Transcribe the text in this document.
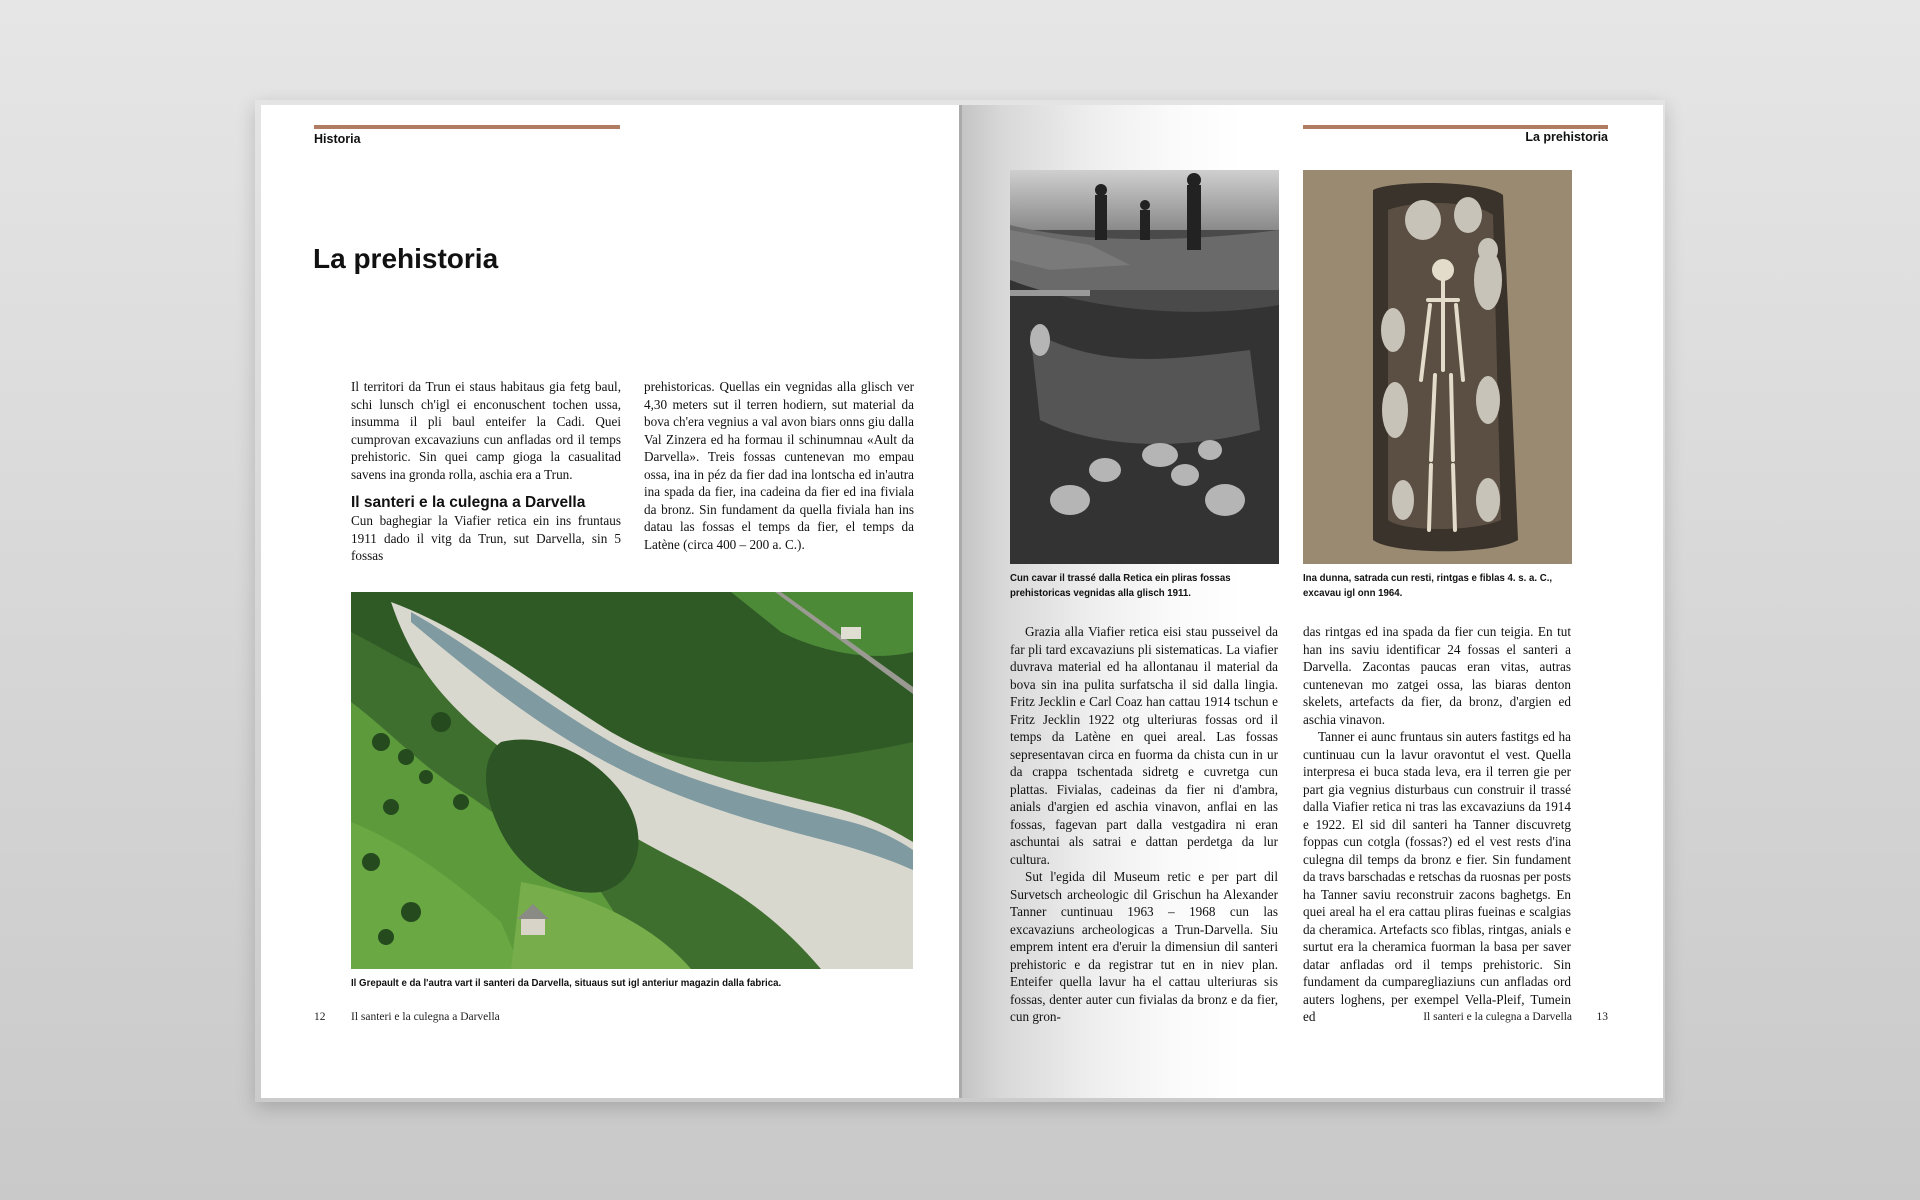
Historia
La prehistoria

Il territori da Trun ei staus habitaus gia fetg baul, schi lunsch ch'igl ei enconuschent tochen ussa, insumma il pli baul enteifer la Cadi. Quei cumprovan excavaziuns cun anfladas ord il temps prehistoric. Sin quei camp gioga la casualitad savens ina gronda rolla, aschia era a Trun.

Il santeri e la culegna a Darvella

Cun baghegiar la Viafier retica ein ins fruntaus 1911 dado il vitg da Trun, sut Darvella, sin 5 fossas

prehistoricas. Quellas ein vegnidas alla glisch ver 4,30 meters sut il terren hodiern, sut material da bova ch'era vegnius a val avon biars onns giu dalla Val Zinzera ed ha formau il schinumnau «Ault da Darvella». Treis fossas cuntenevan mo empau ossa, ina in péz da fier dad ina lontscha ed in'autra ina spada da fier, ina cadeina da fier ed ina fiviala da bronz. Sin fundament da quella fiviala han ins datau las fossas el temps da fier, el temps da Latène (circa 400 – 200 a. C.).

Il Grepault e da l'autra vart il santeri da Darvella, situaus sut igl anteriur magazin dalla fabrica.
12 Il santeri e la culegna a Darvella
La prehistoria
Cun cavar il trassé dalla Retica ein pliras fossas prehistoricas vegnidas alla glisch 1911.
Ina dunna, satrada cun resti, rintgas e fiblas 4. s. a. C., excavau igl onn 1964.

Grazia alla Viafier retica eisi stau pusseivel da far pli tard excavaziuns pli sistematicas. La viafier duvrava material ed ha allontanau il material da bova sin ina pulita surfatscha il sid dalla lingia. Fritz Jecklin e Carl Coaz han cattau 1914 tschun e Fritz Jecklin 1922 otg ulteriuras fossas ord il temps da Latène en quei areal. Las fossas sepresentavan circa en fuorma da chista cun in ur da crappa tschentada sidretg e cuvretga cun plattas. Fivialas, cadeinas da fier ni d'ambra, anials d'argien ed aschia vinavon, anflai en las fossas, fagevan part dalla vestgadira ni eran aschuntai als satrai e dattan perdetga da lur cultura.

Sut l'egida dil Museum retic e per part dil Survetsch archeologic dil Grischun ha Alexander Tanner cuntinuau 1963 – 1968 cun las excavaziuns archeologicas a Trun-Darvella. Siu emprem intent era d'eruir la dimensiun dil santeri prehistoric e da registrar tut en in niev plan. Enteifer quella lavur ha el cattau ulteriuras sis fossas, denter auter cun fivialas da bronz e da fier, cun gron-

das rintgas ed ina spada da fier cun teigia. En tut han ins saviu identificar 24 fossas el santeri a Darvella. Zacontas paucas eran vitas, autras cuntenevan mo zatgei ossa, las biaras denton skelets, artefacts da fier, da bronz, d'argien ed aschia vinavon.

Tanner ei aunc fruntaus sin auters fastitgs ed ha cuntinuau cun la lavur oravontut el vest. Quella interpresa ei buca stada leva, era il terren gie per part gia vegnius disturbaus cun construir il trassé dalla Viafier retica ni tras las excavaziuns da 1914 e 1922. El sid dil santeri ha Tanner discuvretg foppas cun cotgla (fossas?) ed el vest rests d'ina culegna dil temps da bronz e fier. Sin fundament da travs barschadas e retschas da ruosnas per posts ha Tanner saviu reconstruir zacons baghetgs. En quei areal ha el era cattau pliras fueinas e scalgias da cheramica. Artefacts sco fiblas, rintgas, anials e surtut era la cheramica fuorman la basa per saver datar anfladas ord il temps prehistoric. Sin fundament da cumparegliaziuns cun anfladas ord auters loghens, per exempel Vella-Pleif, Tumein ed	Il santeri e la culegna a Darvella 13
